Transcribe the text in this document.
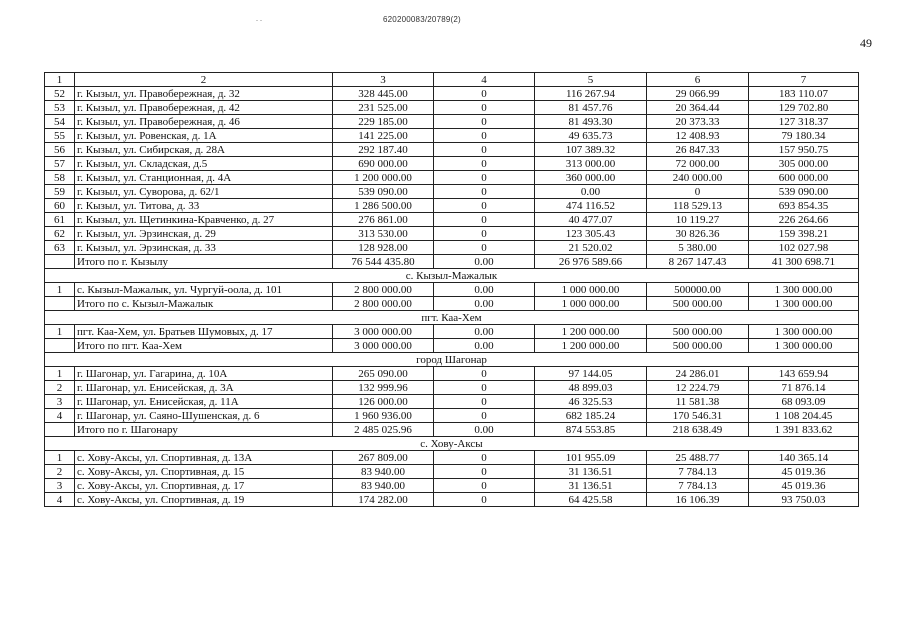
. .	620200083/20789(2)
49
1	2	3	4	5	6	7
52	г. Кызыл, ул. Правобережная, д. 32	328 445.00	0	116 267.94	29 066.99	183 110.07
53	г. Кызыл, ул. Правобережная, д. 42	231 525.00	0	81 457.76	20 364.44	129 702.80
54	г. Кызыл, ул. Правобережная, д. 46	229 185.00	0	81 493.30	20 373.33	127 318.37
55	г. Кызыл, ул. Ровенская, д. 1А	141 225.00	0	49 635.73	12 408.93	79 180.34
56	г. Кызыл, ул. Сибирская, д. 28А	292 187.40	0	107 389.32	26 847.33	157 950.75
57	г. Кызыл, ул. Складская, д.5	690 000.00	0	313 000.00	72 000.00	305 000.00
58	г. Кызыл, ул. Станционная, д. 4А	1 200 000.00	0	360 000.00	240 000.00	600 000.00
59	г. Кызыл, ул. Суворова, д. 62/1	539 090.00	0	0.00	0	539 090.00
60	г. Кызыл, ул. Титова, д. 33	1 286 500.00	0	474 116.52	118 529.13	693 854.35
61	г. Кызыл, ул. Щетинкина-Кравченко, д. 27	276 861.00	0	40 477.07	10 119.27	226 264.66
62	г. Кызыл, ул. Эрзинская, д. 29	313 530.00	0	123 305.43	30 826.36	159 398.21
63	г. Кызыл, ул. Эрзинская, д. 33	128 928.00	0	21 520.02	5 380.00	102 027.98
	Итого по г. Кызылу	76 544 435.80	0.00	26 976 589.66	8 267 147.43	41 300 698.71
с. Кызыл-Мажалык						
1	с. Кызыл-Мажалык, ул. Чургуй-оола, д. 101	2 800 000.00	0.00	1 000 000.00	500000.00	1 300 000.00
	Итого по с. Кызыл-Мажалык	2 800 000.00	0.00	1 000 000.00	500 000.00	1 300 000.00
пгт. Каа-Хем						
1	пгт. Каа-Хем, ул. Братьев Шумовых, д. 17	3 000 000.00	0.00	1 200 000.00	500 000.00	1 300 000.00
	Итого по пгт. Каа-Хем	3 000 000.00	0.00	1 200 000.00	500 000.00	1 300 000.00
город Шагонар						
1	г. Шагонар, ул. Гагарина, д. 10А	265 090.00	0	97 144.05	24 286.01	143 659.94
2	г. Шагонар, ул. Енисейская, д. 3А	132 999.96	0	48 899.03	12 224.79	71 876.14
3	г. Шагонар, ул. Енисейская, д. 11А	126 000.00	0	46 325.53	11 581.38	68 093.09
4	г. Шагонар, ул. Саяно-Шушенская, д. 6	1 960 936.00	0	682 185.24	170 546.31	1 108 204.45
	Итого по г. Шагонару	2 485 025.96	0.00	874 553.85	218 638.49	1 391 833.62
с. Хову-Аксы						
1	с. Хову-Аксы, ул. Спортивная, д. 13А	267 809.00	0	101 955.09	25 488.77	140 365.14
2	с. Хову-Аксы, ул. Спортивная, д. 15	83 940.00	0	31 136.51	7 784.13	45 019.36
3	с. Хову-Аксы, ул. Спортивная, д. 17	83 940.00	0	31 136.51	7 784.13	45 019.36
4	с. Хову-Аксы, ул. Спортивная, д. 19	174 282.00	0	64 425.58	16 106.39	93 750.03
